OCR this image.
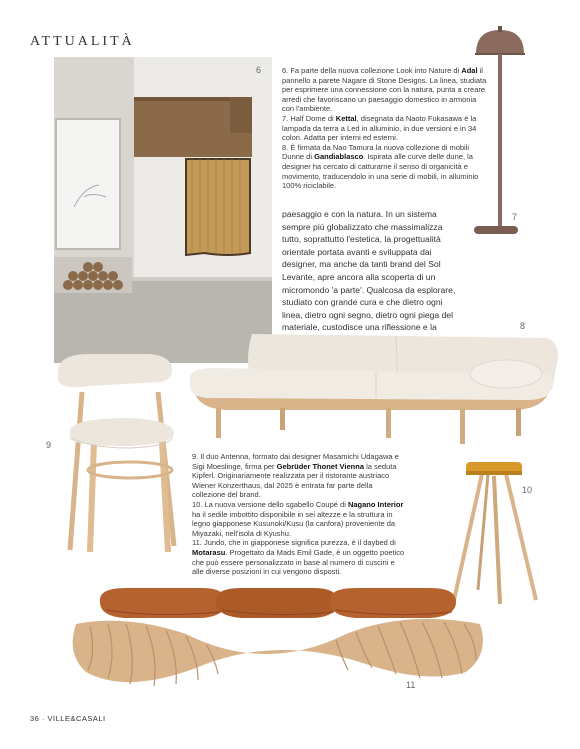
ATTUALITÀ
6	6. Fa parte della nuova collezione Look into Nature di Adal il pannello a parete Nagare di Stone Designs. La linea, studiata per esprimere una connessione con la natura, punta a creare arredi che favoriscano un paesaggio domestico in armonia con l'ambiente.

7. Half Dome di Kettal, disegnata da Naoto Fukasawa è la lampada da terra a Led in alluminio, in due versioni e in 34 colori. Adatta per interni ed esterni.

8. È firmata da Nao Tamura la nuova collezione di mobili Dunne di Gandiablasco. Ispirata alle curve delle dune, la designer ha cercato di catturarne il senso di organicità e movimento, traducendolo in una serie di mobili, in alluminio 100% riciclabile.

7
paesaggio e con la natura. In un sistema sempre più globalizzato che massimalizza tutto, soprattutto l'estetica, la progettualità orientale portata avanti e sviluppata dai designer, ma anche da tanti brand del Sol Levante, apre ancora alla scoperta di un micromondo 'a parte'. Qualcosa da esplorare, studiato con grande cura e che dietro ogni linea, dietro ogni segno, dietro ogni piega del materiale, custodisce una riflessione e la	8
9

9. Il duo Antenna, formato dai designer Masamichi Udagawa e Sigi Moeslinge, firma per Gebrüder Thonet Vienna la seduta Kipferl. Originariamente realizzata per il ristorante austriaco Wiener Konzerthaus, dal 2025 è entrata far parte della collezione del brand.

10. La nuova versione dello sgabello Coupé di Nagano Interior ha il sedile imbottito disponibile in sei altezze e la struttura in legno giapponese Kusunoki/Kusu (la canfora) proveniente da Miyazaki, nell'isola di Kyushu.

11. Jundo, che in giapponese significa purezza, è il daybed di Motarasu. Progettato da Mads Emil Gade, è un oggetto poetico che può essere personalizzato in base al numero di cuscini e alle diverse posizioni in cui vengono disposti.

10
11
36 · VILLE&CASALI
